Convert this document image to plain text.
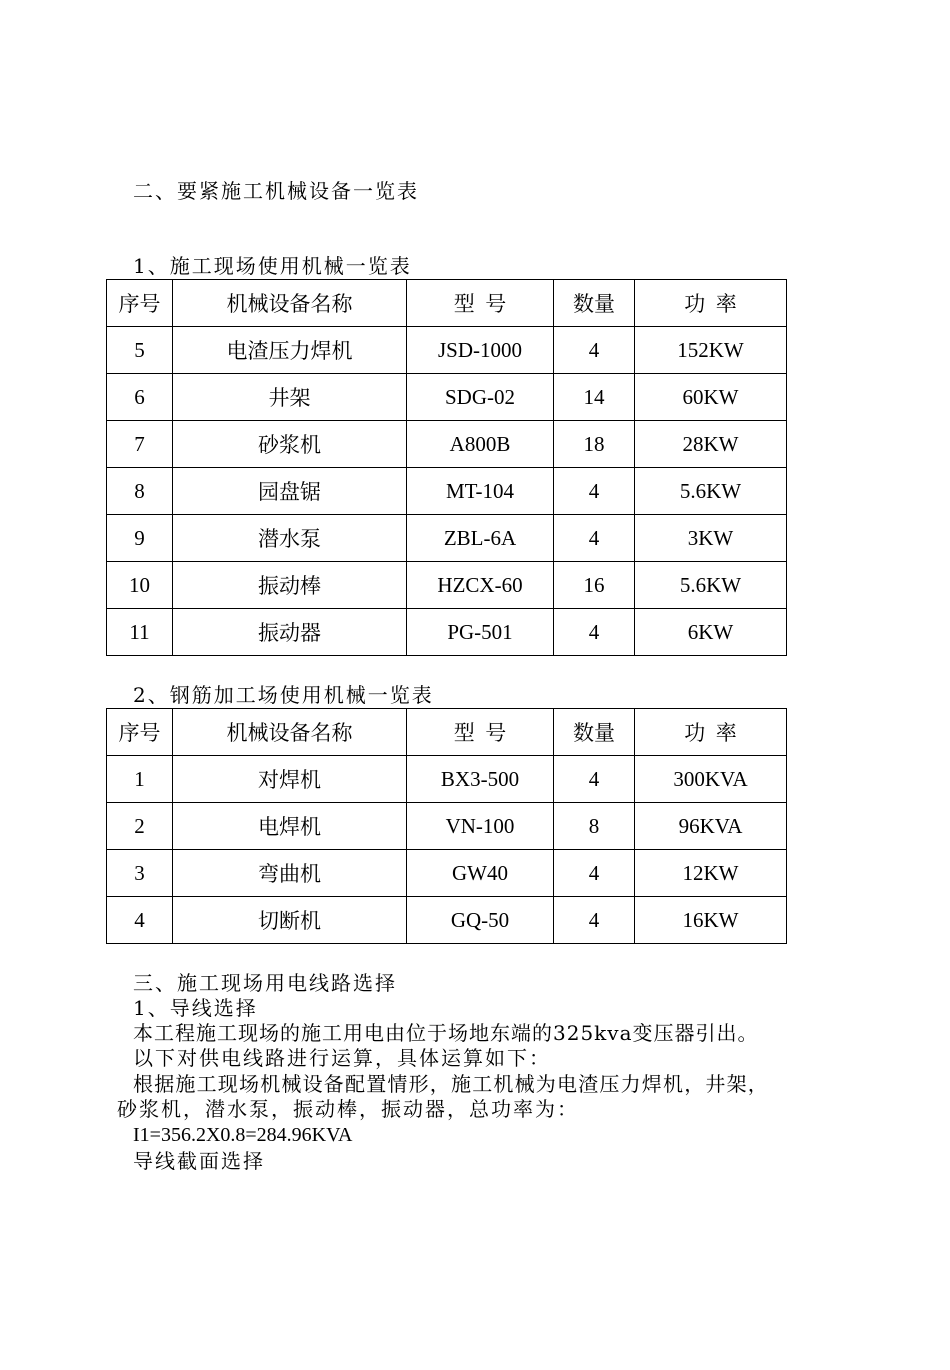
二、要紧施工机械设备一览表
1、施工现场使用机械一览表
序号	机械设备名称	型  号	数量	功  率
5	电渣压力焊机	JSD-1000	4	152KW
6	井架	SDG-02	14	60KW
7	砂浆机	A800B	18	28KW
8	园盘锯	MT-104	4	5.6KW
9	潜水泵	ZBL-6A	4	3KW
10	振动棒	HZCX-60	16	5.6KW
11	振动器	PG-501	4	6KW
2、钢筋加工场使用机械一览表
序号	机械设备名称	型  号	数量	功  率
1	对焊机	BX3-500	4	300KVA
2	电焊机	VN-100	8	96KVA
3	弯曲机	GW40	4	12KW
4	切断机	GQ-50	4	16KW
三、施工现场用电线路选择
1、导线选择
本工程施工现场的施工用电由位于场地东端的325kva变压器引出。
以下对供电线路进行运算，具体运算如下：
根据施工现场机械设备配置情形，施工机械为电渣压力焊机，井架，
砂浆机，潜水泵，振动棒，振动器，总功率为：
I1=356.2X0.8=284.96KVA
导线截面选择
